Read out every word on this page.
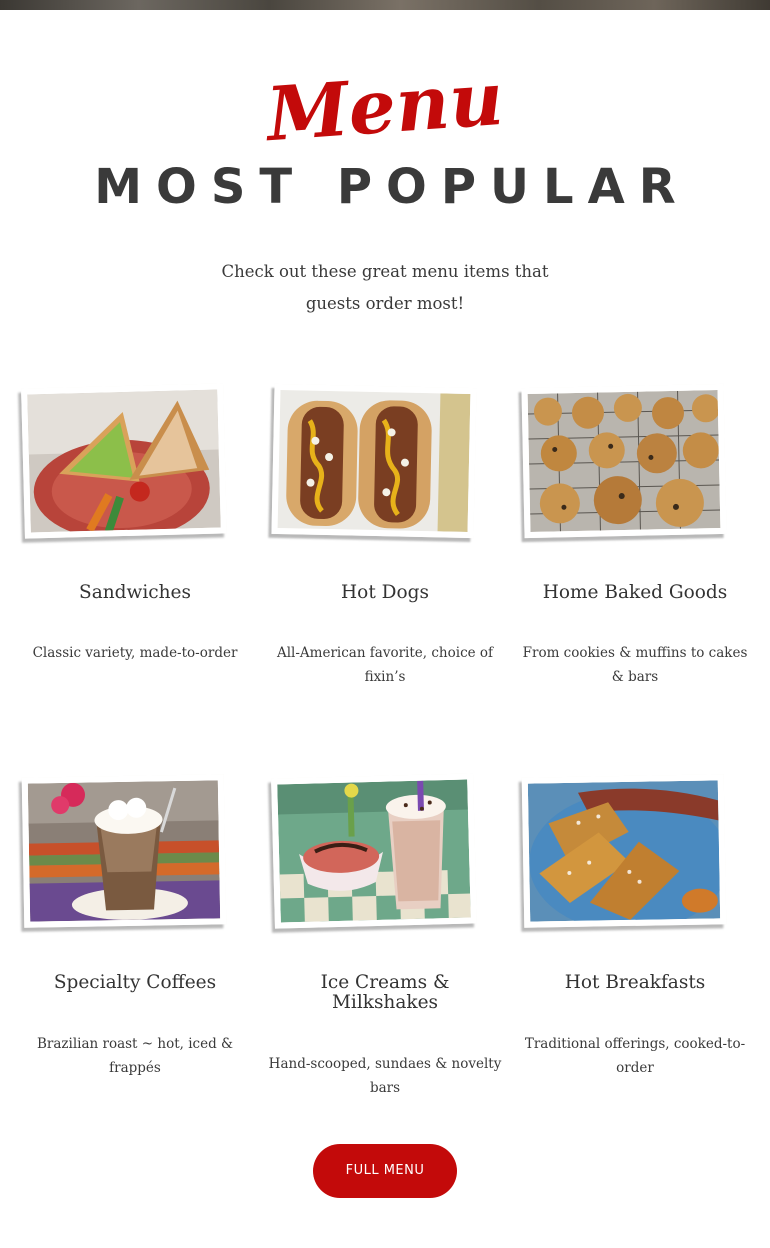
Menu
MOST POPULAR
Check out these great menu items that guests order most!
Sandwiches
Classic variety, made-to-order
Hot Dogs
All-American favorite, choice of fixin’s
Home Baked Goods
From cookies & muffins to cakes & bars
Specialty Coffees
Brazilian roast ~ hot, iced & frappés
Ice Creams & Milkshakes
Hand-scooped, sundaes & novelty bars
Hot Breakfasts
Traditional offerings, cooked-to-order
FULL MENU
